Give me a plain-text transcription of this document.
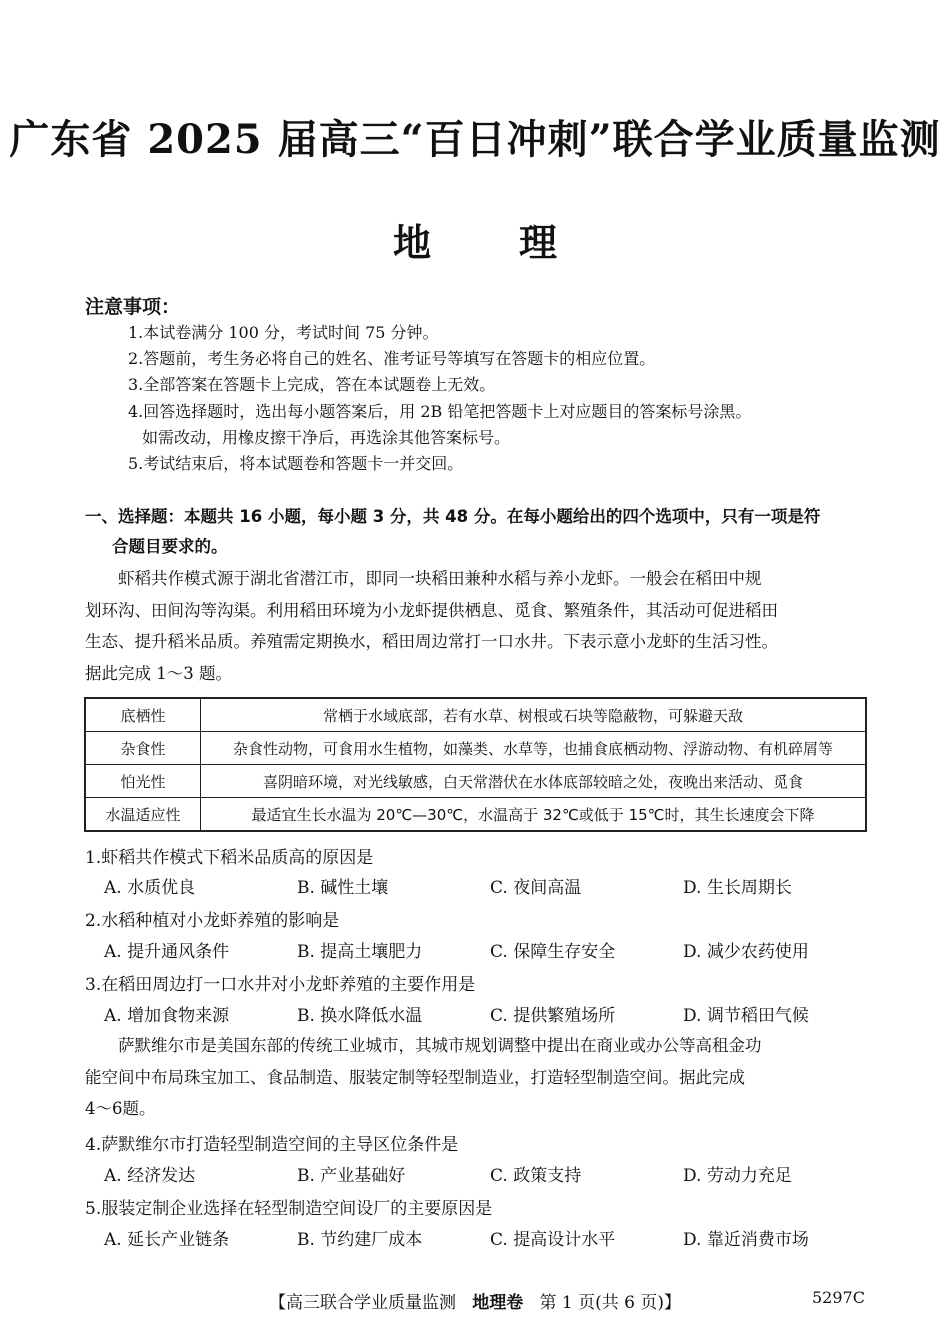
广东省 2025 届高三“百日冲刺”联合学业质量监测
地理
注意事项：
1.本试卷满分 100 分，考试时间 75 分钟。
2.答题前，考生务必将自己的姓名、准考证号等填写在答题卡的相应位置。
3.全部答案在答题卡上完成，答在本试题卷上无效。
4.回答选择题时，选出每小题答案后，用 2B 铅笔把答题卡上对应题目的答案标号涂黑。
如需改动，用橡皮擦干净后，再选涂其他答案标号。
5.考试结束后，将本试题卷和答题卡一并交回。
一、选择题：本题共 16 小题，每小题 3 分，共 48 分。在每小题给出的四个选项中，只有一项是符
合题目要求的。
　　虾稻共作模式源于湖北省潜江市，即同一块稻田兼种水稻与养小龙虾。一般会在稻田中规
划环沟、田间沟等沟渠。利用稻田环境为小龙虾提供栖息、觅食、繁殖条件，其活动可促进稻田
生态、提升稻米品质。养殖需定期换水，稻田周边常打一口水井。下表示意小龙虾的生活习性。
据此完成 1～3 题。
底栖性	常栖于水域底部，若有水草、树根或石块等隐蔽物，可躲避天敌
杂食性	杂食性动物，可食用水生植物，如藻类、水草等，也捕食底栖动物、浮游动物、有机碎屑等
怕光性	喜阴暗环境，对光线敏感，白天常潜伏在水体底部较暗之处，夜晚出来活动、觅食
水温适应性	最适宜生长水温为 20℃—30℃，水温高于 32℃或低于 15℃时，其生长速度会下降
1.虾稻共作模式下稻米品质高的原因是
A. 水质优良	B. 碱性土壤	C. 夜间高温	D. 生长周期长
2.水稻种植对小龙虾养殖的影响是
A. 提升通风条件	B. 提高土壤肥力	C. 保障生存安全	D. 减少农药使用
3.在稻田周边打一口水井对小龙虾养殖的主要作用是
A. 增加食物来源	B. 换水降低水温	C. 提供繁殖场所	D. 调节稻田气候
　　萨默维尔市是美国东部的传统工业城市，其城市规划调整中提出在商业或办公等高租金功
能空间中布局珠宝加工、食品制造、服装定制等轻型制造业，打造轻型制造空间。据此完成
4～6题。
4.萨默维尔市打造轻型制造空间的主导区位条件是
A. 经济发达	B. 产业基础好	C. 政策支持	D. 劳动力充足
5.服装定制企业选择在轻型制造空间设厂的主要原因是
A. 延长产业链条	B. 节约建厂成本	C. 提高设计水平	D. 靠近消费市场
【高三联合学业质量监测 地理卷 第 1 页(共 6 页)】	5297C
